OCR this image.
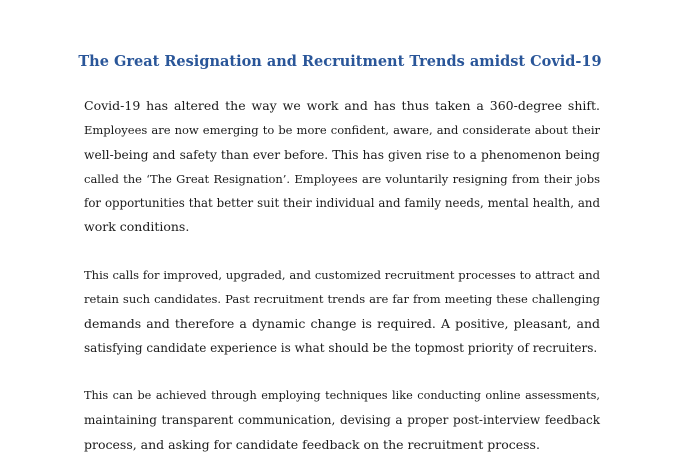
The Great Resignation and Recruitment Trends amidst Covid-19

Covid-19 has altered the way we work and has thus taken a 360-degree shift.
Employees are now emerging to be more confident, aware, and considerate about their
well-being and safety than ever before. This has given rise to a phenomenon being
called the ‘The Great Resignation’. Employees are voluntarily resigning from their jobs
for opportunities that better suit their individual and family needs, mental health, and
work conditions.

This calls for improved, upgraded, and customized recruitment processes to attract and
retain such candidates. Past recruitment trends are far from meeting these challenging
demands and therefore a dynamic change is required. A positive, pleasant, and
satisfying candidate experience is what should be the topmost priority of recruiters.

This can be achieved through employing techniques like conducting online assessments,
maintaining transparent communication, devising a proper post-interview feedback
process, and asking for candidate feedback on the recruitment process.
